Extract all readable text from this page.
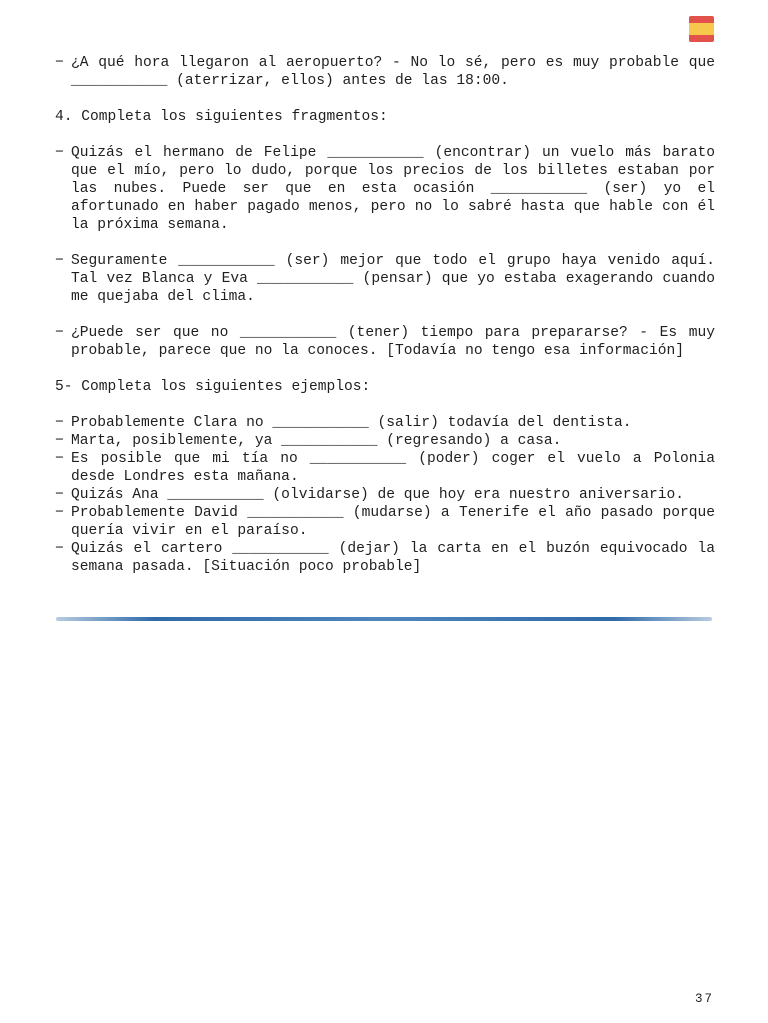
− ¿A qué hora llegaron al aeropuerto? - No lo sé, pero es muy probable que ___________ (aterrizar, ellos) antes de las 18:00.
4. Completa los siguientes fragmentos:
− Quizás el hermano de Felipe ___________ (encontrar) un vuelo más barato que el mío, pero lo dudo, porque los precios de los billetes estaban por las nubes. Puede ser que en esta ocasión ___________ (ser) yo el afortunado en haber pagado menos, pero no lo sabré hasta que hable con él la próxima semana.
− Seguramente ___________ (ser) mejor que todo el grupo haya venido aquí. Tal vez Blanca y Eva ___________ (pensar) que yo estaba exagerando cuando me quejaba del clima.
− ¿Puede ser que no ___________ (tener) tiempo para prepararse? - Es muy probable, parece que no la conoces. [Todavía no tengo esa información]
5- Completa los siguientes ejemplos:
− Probablemente Clara no ___________ (salir) todavía del dentista.
− Marta, posiblemente, ya ___________ (regresando) a casa.
− Es posible que mi tía no ___________ (poder) coger el vuelo a Polonia desde Londres esta mañana.
− Quizás Ana ___________ (olvidarse) de que hoy era nuestro aniversario.
− Probablemente David ___________ (mudarse) a Tenerife el año pasado porque quería vivir en el paraíso.
− Quizás el cartero ___________ (dejar) la carta en el buzón equivocado la semana pasada. [Situación poco probable]
37
